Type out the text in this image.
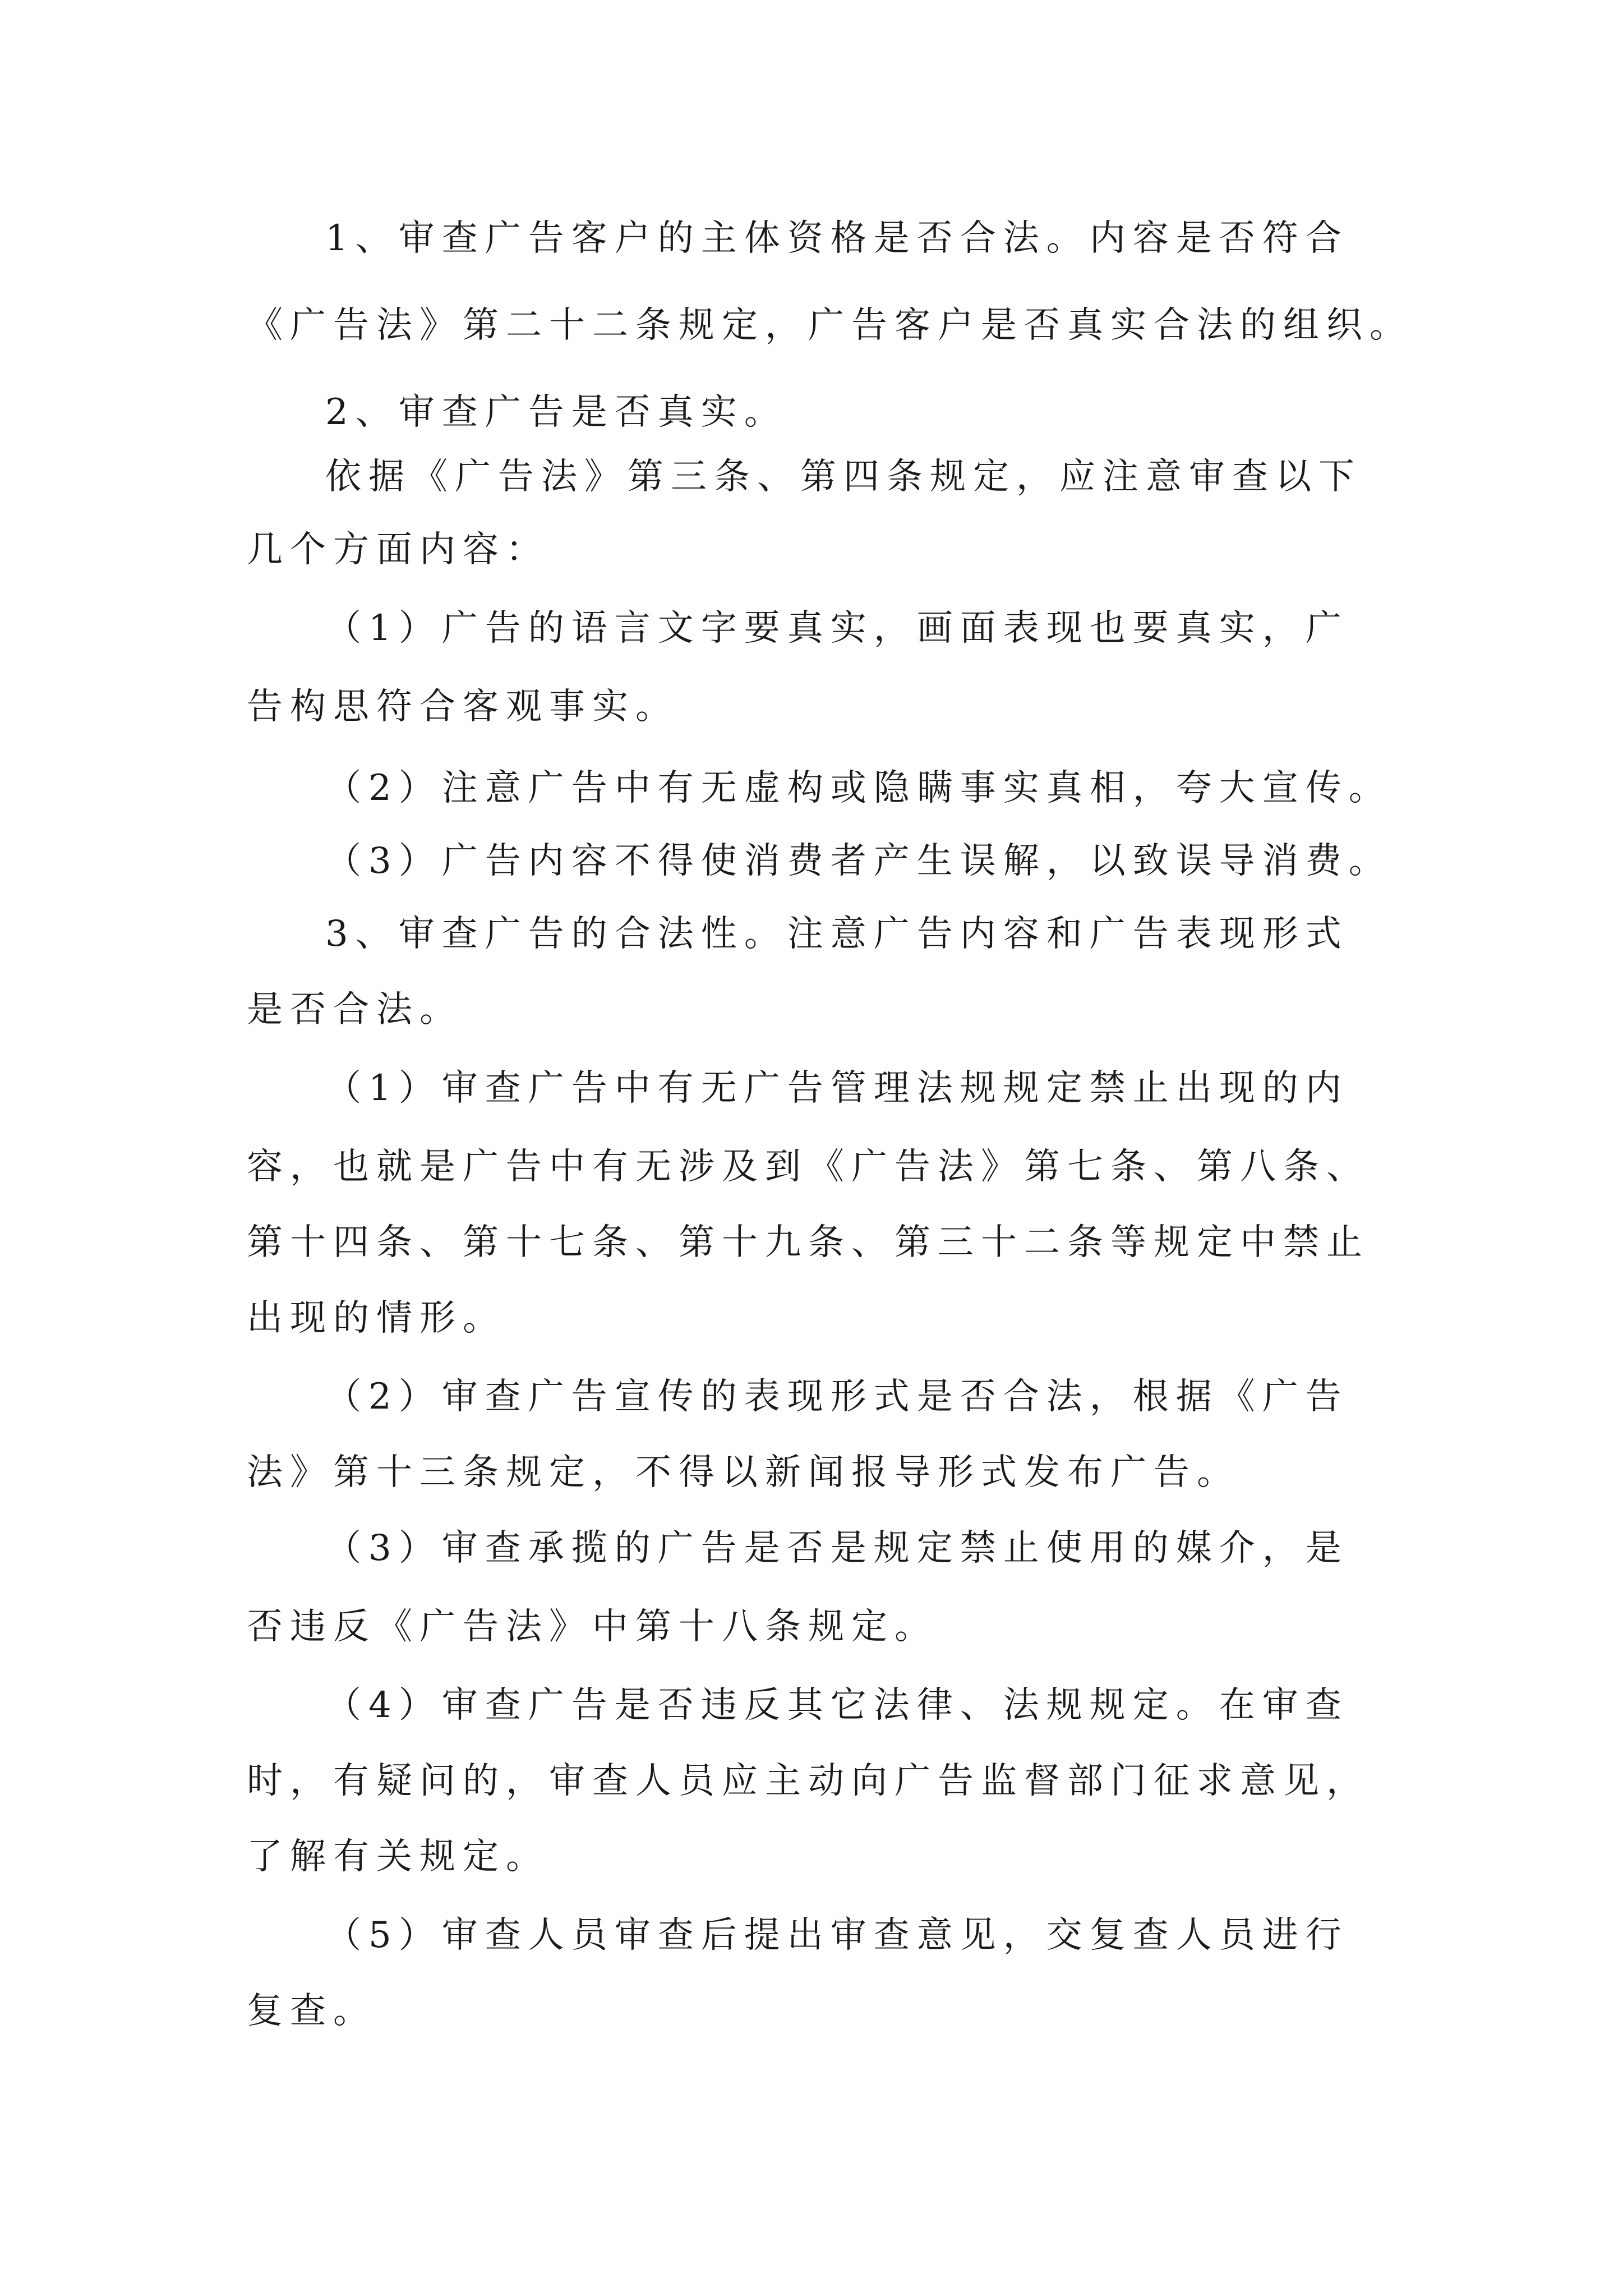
1、审查广告客户的主体资格是否合法。内容是否符合

《广告法》第二十二条规定，广告客户是否真实合法的组织。

2、审查广告是否真实。

依据《广告法》第三条、第四条规定，应注意审查以下

几个方面内容：

（1）广告的语言文字要真实，画面表现也要真实，广

告构思符合客观事实。

（2）注意广告中有无虚构或隐瞒事实真相，夸大宣传。

（3）广告内容不得使消费者产生误解，以致误导消费。

3、审查广告的合法性。注意广告内容和广告表现形式

是否合法。

（1）审查广告中有无广告管理法规规定禁止出现的内

容，也就是广告中有无涉及到《广告法》第七条、第八条、

第十四条、第十七条、第十九条、第三十二条等规定中禁止

出现的情形。

（2）审查广告宣传的表现形式是否合法，根据《广告

法》第十三条规定，不得以新闻报导形式发布广告。

（3）审查承揽的广告是否是规定禁止使用的媒介，是

否违反《广告法》中第十八条规定。

（4）审查广告是否违反其它法律、法规规定。在审查

时，有疑问的，审查人员应主动向广告监督部门征求意见，

了解有关规定。

（5）审查人员审查后提出审查意见，交复查人员进行

复查。
